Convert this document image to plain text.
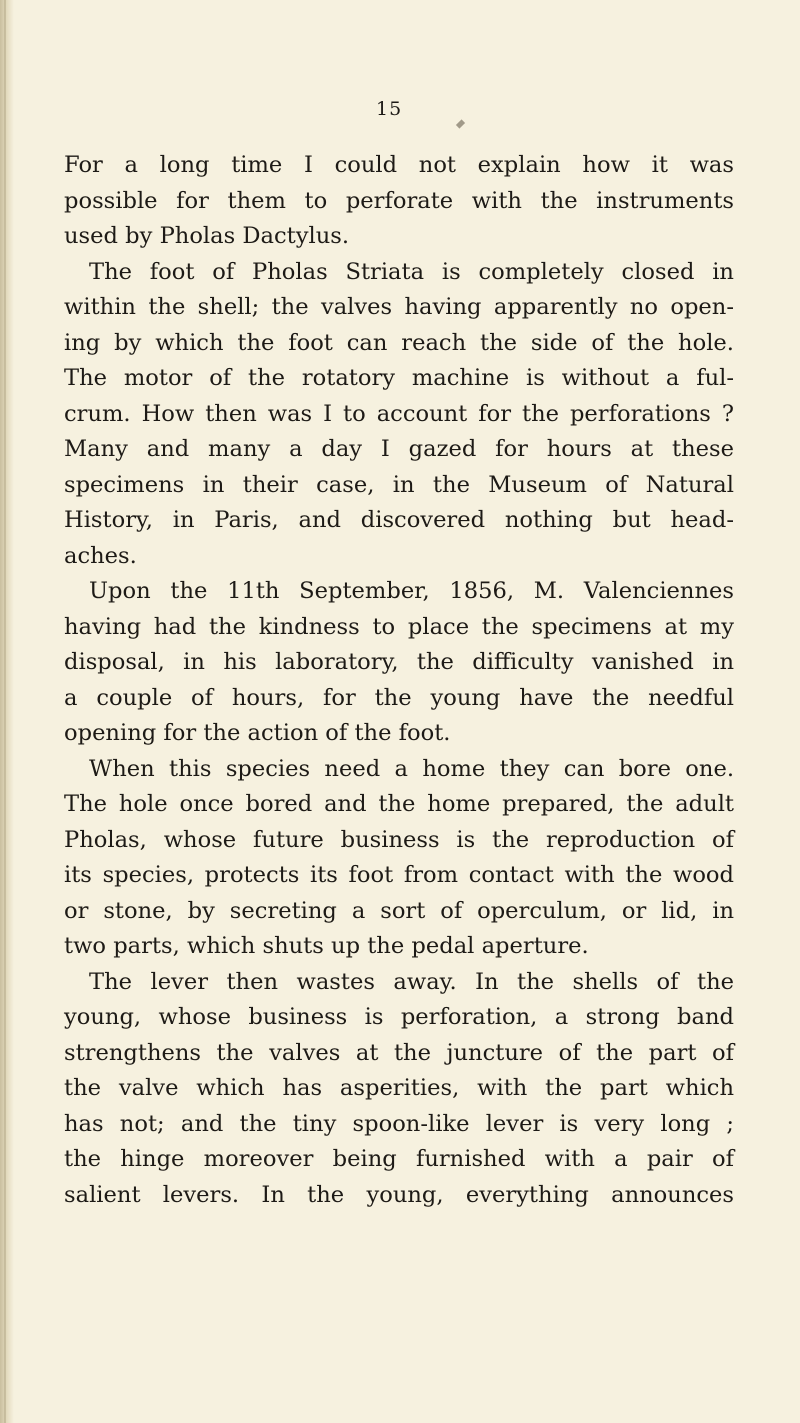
15
For a long time I could not explain how it was
possible for them to perforate with the instruments
used by Pholas Dactylus.
The foot of Pholas Striata is completely closed in
within the shell; the valves having apparently no open-
ing by which the foot can reach the side of the hole.
The motor of the rotatory machine is without a ful-
crum. How then was I to account for the perforations ?
Many and many a day I gazed for hours at these
specimens in their case, in the Museum of Natural
History, in Paris, and discovered nothing but head-
aches.
Upon the 11th September, 1856, M. Valenciennes
having had the kindness to place the specimens at my
disposal, in his laboratory, the difficulty vanished in
a couple of hours, for the young have the needful
opening for the action of the foot.
When this species need a home they can bore one.
The hole once bored and the home prepared, the adult
Pholas, whose future business is the reproduction of
its species, protects its foot from contact with the wood
or stone, by secreting a sort of operculum, or lid, in
two parts, which shuts up the pedal aperture.
The lever then wastes away. In the shells of the
young, whose business is perforation, a strong band
strengthens the valves at the juncture of the part of
the valve which has asperities, with the part which
has not; and the tiny spoon-like lever is very long ;
the hinge moreover being furnished with a pair of
salient levers. In the young, everything announces
